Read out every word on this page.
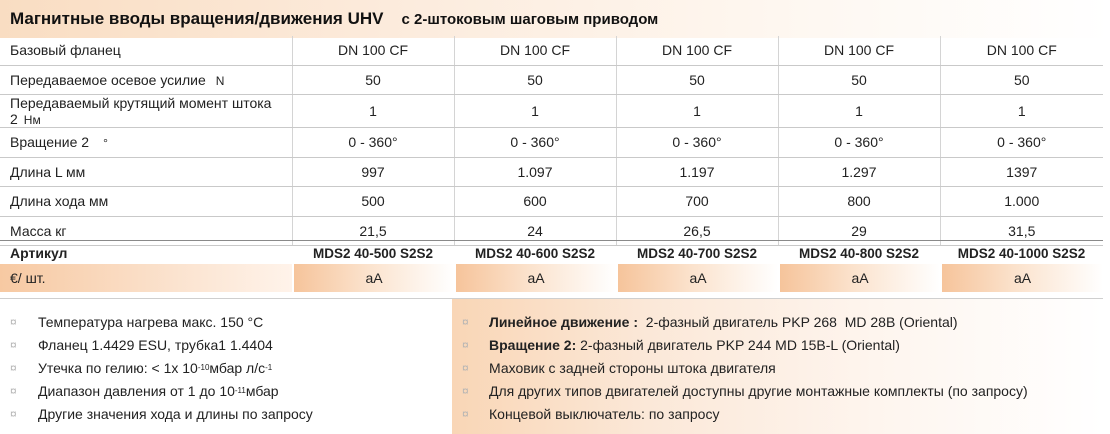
Магнитные вводы вращения/движения UHV с 2-штоковым шаговым приводом
Базовый фланец	DN 100 CF	DN 100 CF	DN 100 CF	DN 100 CF	DN 100 CF
Передаваемое осевое усилие N	50	50	50	50	50
Передаваемый крутящий момент штока 2 Нм	1	1	1	1	1
Вращение 2 °	0 - 360°	0 - 360°	0 - 360°	0 - 360°	0 - 360°
Длина L мм	997	1.097	1.197	1.297	1397
Длина хода мм	500	600	700	800	1.000
Масса кг	21,5	24	26,5	29	31,5
Артикул	MDS2 40-500 S2S2	MDS2 40-600 S2S2	MDS2 40-700 S2S2	MDS2 40-800 S2S2	MDS2 40-1000 S2S2
€/ шт.	aA	aA	aA	aA	aA
¤	Температура нагрева макс. 150 °C
¤	Фланец 1.4429 ESU, трубка1 1.4404
¤	Утечка по гелию: < 1x 10 -10 мбар л/с -1
¤	Диапазон давления от 1 до 10 -11 мбар
¤	Другие значения хода и длины по запросу
¤	Линейное движение : 2-фазный двигатель PKP 268  MD 28B (Oriental)
¤	Вращение 2: 2-фазный двигатель PKP 244 MD 15B-L (Oriental)
¤	Маховик с задней стороны штока двигателя
¤	Для других типов двигателей доступны другие монтажные комплекты (по запросу)
¤	Концевой выключатель: по запросу
